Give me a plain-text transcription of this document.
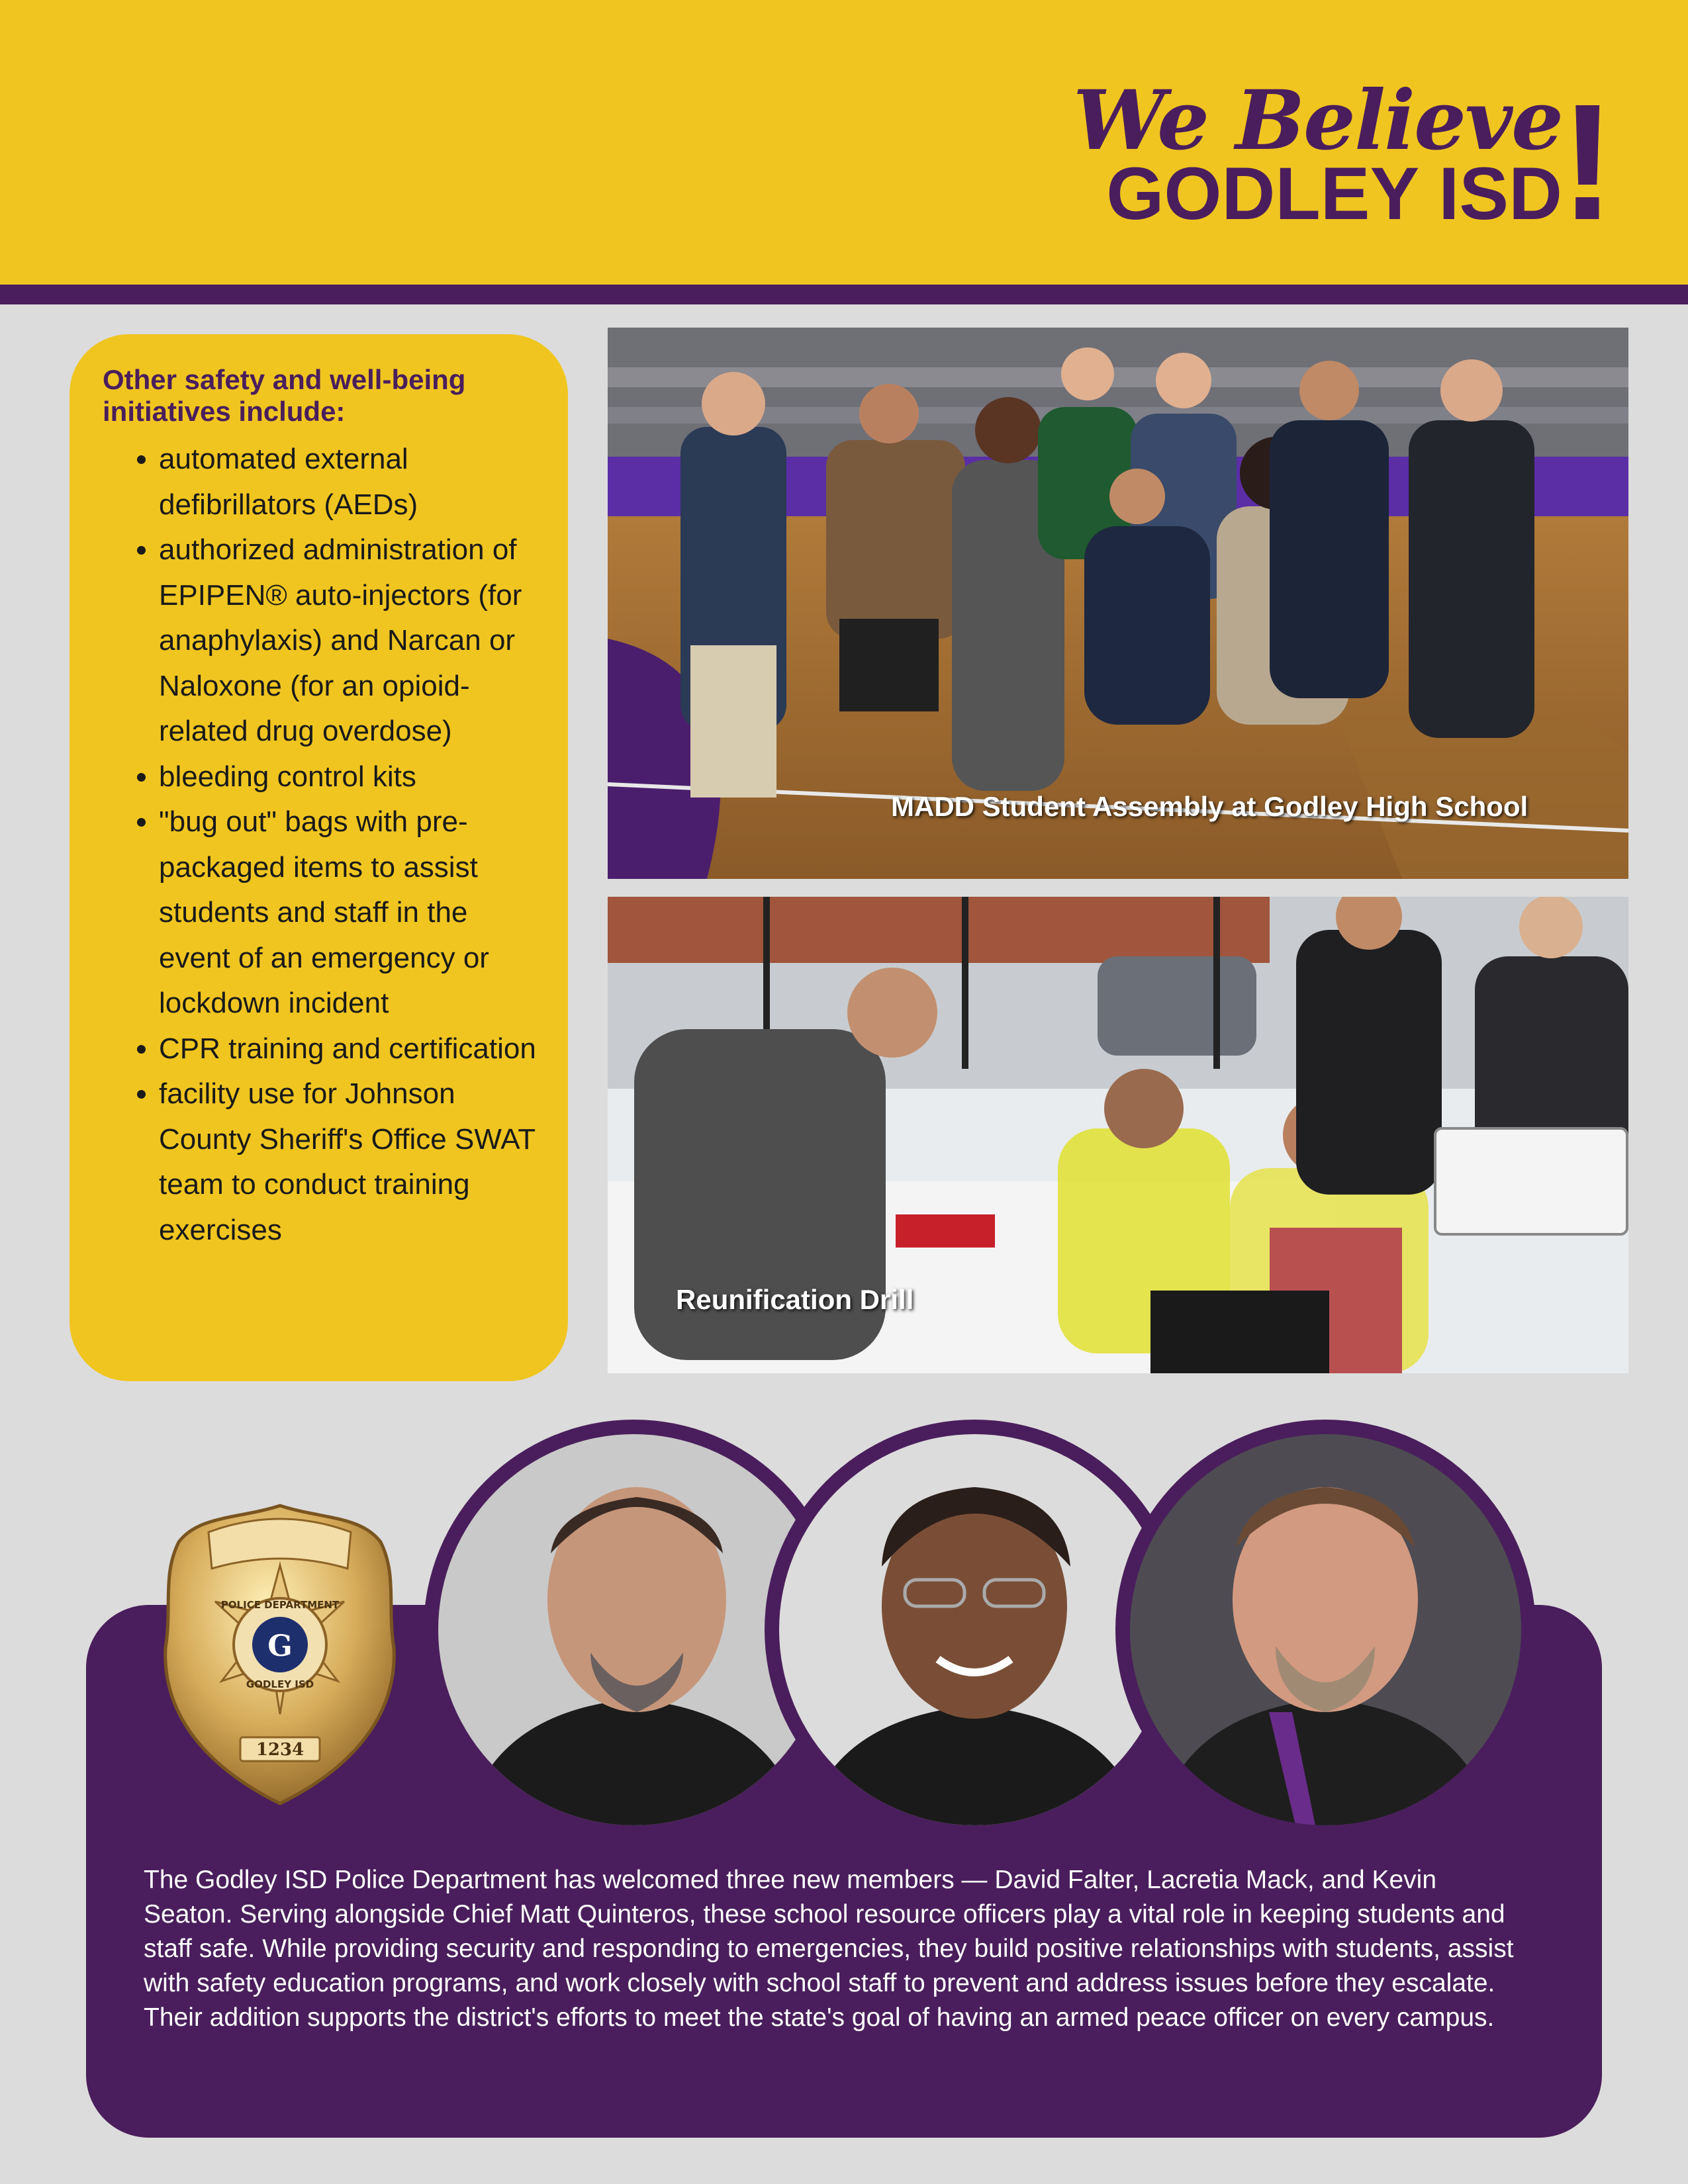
We Believe
GODLEY ISD
!

Other safety and well-being initiatives include:

• automated external defibrillators (AEDs)
• authorized administration of EPIPEN® auto-injectors (for anaphylaxis) and Narcan or Naloxone (for an opioid-related drug overdose)
• bleeding control kits
• "bug out" bags with pre-packaged items to assist students and staff in the event of an emergency or lockdown incident
• CPR training and certification
• facility use for Johnson County Sheriff's Office SWAT team to conduct training exercises
MADD Student Assembly at Godley High School
Reunification Drill
G
POLICE DEPARTMENT
GODLEY ISD
1234

The Godley ISD Police Department has welcomed three new members — David Falter, Lacretia Mack, and Kevin Seaton. Serving alongside Chief Matt Quinteros, these school resource officers play a vital role in keeping students and staff safe. While providing security and responding to emergencies, they build positive relationships with students, assist with safety education programs, and work closely with school staff to prevent and address issues before they escalate. Their addition supports the district's efforts to meet the state's goal of having an armed peace officer on every campus.
